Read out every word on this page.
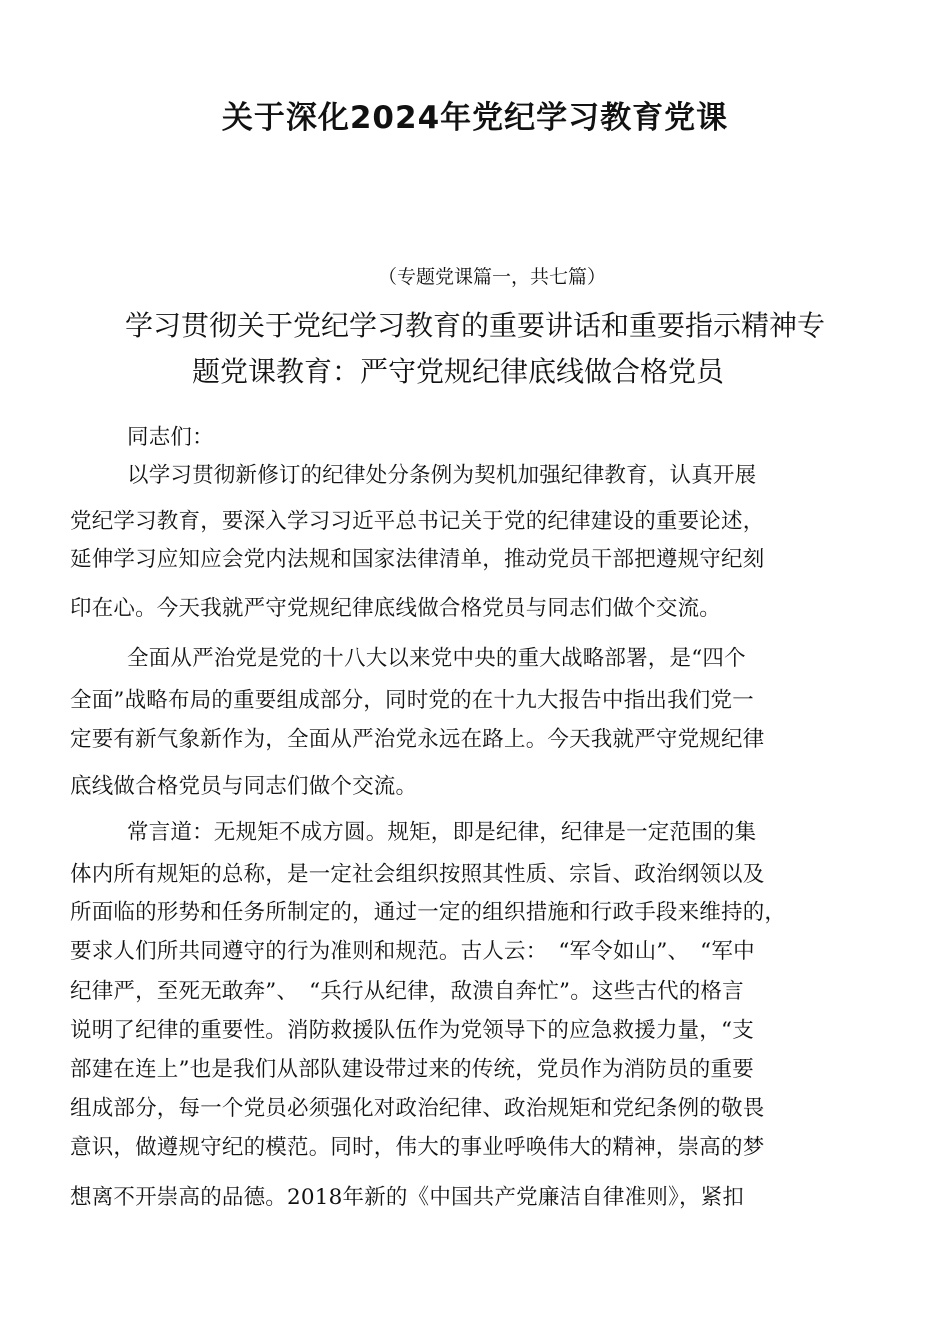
关于深化2024年党纪学习教育党课

（专题党课篇一，共七篇）

学习贯彻关于党纪学习教育的重要讲话和重要指示精神专
题党课教育：严守党规纪律底线做合格党员

同志们：

以学习贯彻新修订的纪律处分条例为契机加强纪律教育，认真开展

党纪学习教育，要深入学习习近平总书记关于党的纪律建设的重要论述，

延伸学习应知应会党内法规和国家法律清单，推动党员干部把遵规守纪刻

印在心。今天我就严守党规纪律底线做合格党员与同志们做个交流。

全面从严治党是党的十八大以来党中央的重大战略部署，是“四个

全面”战略布局的重要组成部分，同时党的在十九大报告中指出我们党一

定要有新气象新作为，全面从严治党永远在路上。今天我就严守党规纪律

底线做合格党员与同志们做个交流。

常言道：无规矩不成方圆。规矩，即是纪律，纪律是一定范围的集

体内所有规矩的总称，是一定社会组织按照其性质、宗旨、政治纲领以及

所面临的形势和任务所制定的，通过一定的组织措施和行政手段来维持的，

要求人们所共同遵守的行为准则和规范。古人云：　“军令如山”、　“军中

纪律严，至死无敢奔”、　“兵行从纪律，敌溃自奔忙”。这些古代的格言

说明了纪律的重要性。消防救援队伍作为党领导下的应急救援力量，“支

部建在连上”也是我们从部队建设带过来的传统，党员作为消防员的重要

组成部分，每一个党员必须强化对政治纪律、政治规矩和党纪条例的敬畏

意识，做遵规守纪的模范。同时，伟大的事业呼唤伟大的精神，崇高的梦

想离不开崇高的品德。2018年新的《中国共产党廉洁自律准则》，紧扣
